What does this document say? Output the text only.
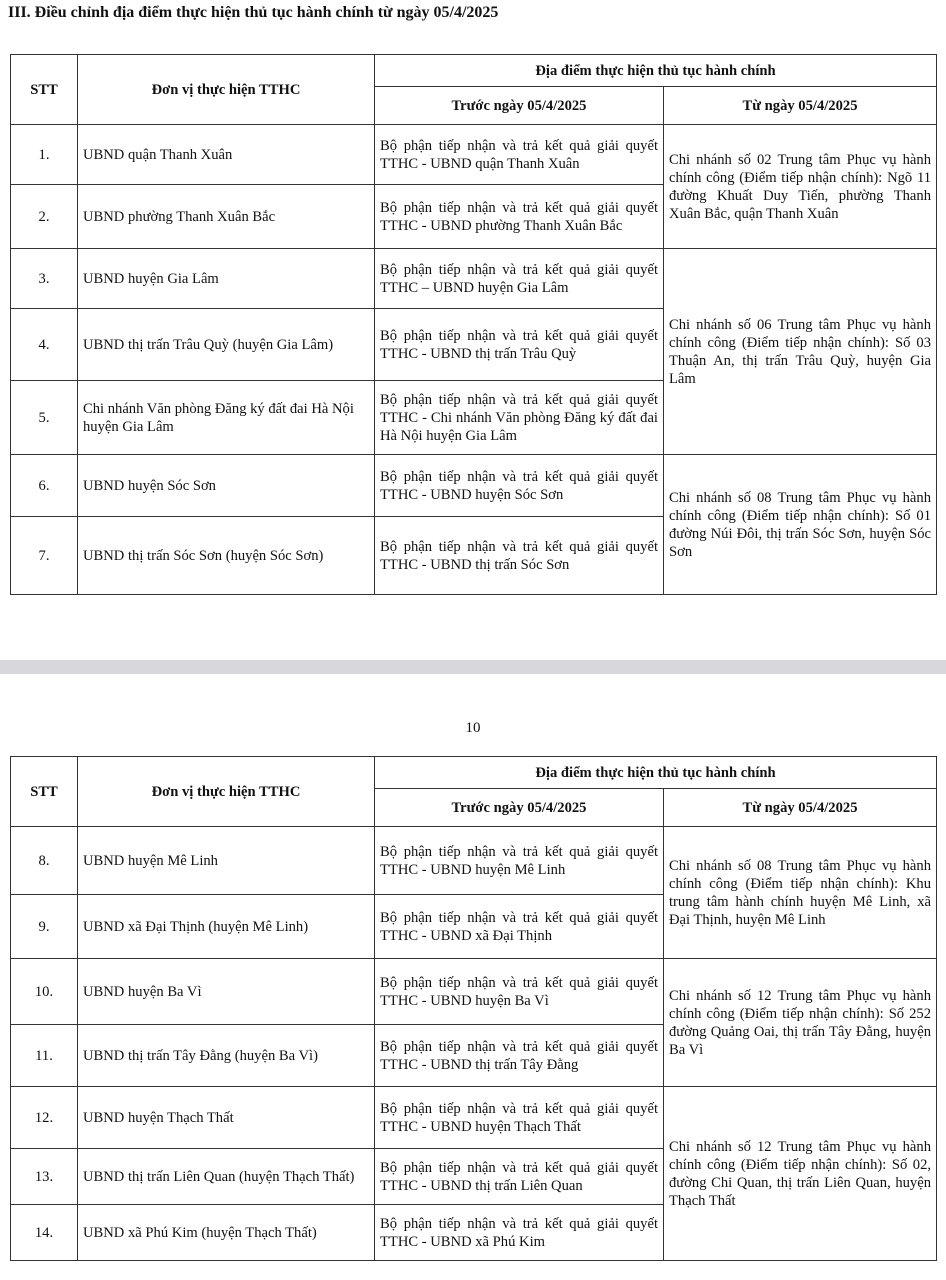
III. Điều chỉnh địa điểm thực hiện thủ tục hành chính từ ngày 05/4/2025
STT	Đơn vị thực hiện TTHC	Địa điểm thực hiện thủ tục hành chính	
		Trước ngày 05/4/2025	Từ ngày 05/4/2025
1.	UBND quận Thanh Xuân	Bộ phận tiếp nhận và trả kết quả giải quyết TTHC - UBND quận Thanh Xuân	Chi nhánh số 02 Trung tâm Phục vụ hành chính công (Điểm tiếp nhận chính): Ngõ 11 đường Khuất Duy Tiến, phường Thanh Xuân Bắc, quận Thanh Xuân
2.	UBND phường Thanh Xuân Bắc	Bộ phận tiếp nhận và trả kết quả giải quyết TTHC - UBND phường Thanh Xuân Bắc	
3.	UBND huyện Gia Lâm	Bộ phận tiếp nhận và trả kết quả giải quyết TTHC – UBND huyện Gia Lâm	Chi nhánh số 06 Trung tâm Phục vụ hành chính công (Điểm tiếp nhận chính): Số 03 Thuận An, thị trấn Trâu Quỳ, huyện Gia Lâm
4.	UBND thị trấn Trâu Quỳ (huyện Gia Lâm)	Bộ phận tiếp nhận và trả kết quả giải quyết TTHC - UBND thị trấn Trâu Quỳ	
5.	Chi nhánh Văn phòng Đăng ký đất đai Hà Nội huyện Gia Lâm	Bộ phận tiếp nhận và trả kết quả giải quyết TTHC - Chi nhánh Văn phòng Đăng ký đất đai Hà Nội huyện Gia Lâm	
6.	UBND huyện Sóc Sơn	Bộ phận tiếp nhận và trả kết quả giải quyết TTHC - UBND huyện Sóc Sơn	Chi nhánh số 08 Trung tâm Phục vụ hành chính công (Điểm tiếp nhận chính): Số 01 đường Núi Đôi, thị trấn Sóc Sơn, huyện Sóc Sơn
7.	UBND thị trấn Sóc Sơn (huyện Sóc Sơn)	Bộ phận tiếp nhận và trả kết quả giải quyết TTHC - UBND thị trấn Sóc Sơn	
10
STT	Đơn vị thực hiện TTHC	Địa điểm thực hiện thủ tục hành chính	
		Trước ngày 05/4/2025	Từ ngày 05/4/2025
8.	UBND huyện Mê Linh	Bộ phận tiếp nhận và trả kết quả giải quyết TTHC - UBND huyện Mê Linh	Chi nhánh số 08 Trung tâm Phục vụ hành chính công (Điểm tiếp nhận chính): Khu trung tâm hành chính huyện Mê Linh, xã Đại Thịnh, huyện Mê Linh
9.	UBND xã Đại Thịnh (huyện Mê Linh)	Bộ phận tiếp nhận và trả kết quả giải quyết TTHC - UBND xã Đại Thịnh	
10.	UBND huyện Ba Vì	Bộ phận tiếp nhận và trả kết quả giải quyết TTHC - UBND huyện Ba Vì	Chi nhánh số 12 Trung tâm Phục vụ hành chính công (Điểm tiếp nhận chính): Số 252 đường Quảng Oai, thị trấn Tây Đằng, huyện Ba Vì
11.	UBND thị trấn Tây Đằng (huyện Ba Vì)	Bộ phận tiếp nhận và trả kết quả giải quyết TTHC - UBND thị trấn Tây Đằng	
12.	UBND huyện Thạch Thất	Bộ phận tiếp nhận và trả kết quả giải quyết TTHC - UBND huyện Thạch Thất	Chi nhánh số 12 Trung tâm Phục vụ hành chính công (Điểm tiếp nhận chính): Số 02, đường Chi Quan, thị trấn Liên Quan, huyện Thạch Thất
13.	UBND thị trấn Liên Quan (huyện Thạch Thất)	Bộ phận tiếp nhận và trả kết quả giải quyết TTHC - UBND thị trấn Liên Quan	
14.	UBND xã Phú Kim (huyện Thạch Thất)	Bộ phận tiếp nhận và trả kết quả giải quyết TTHC - UBND xã Phú Kim	
